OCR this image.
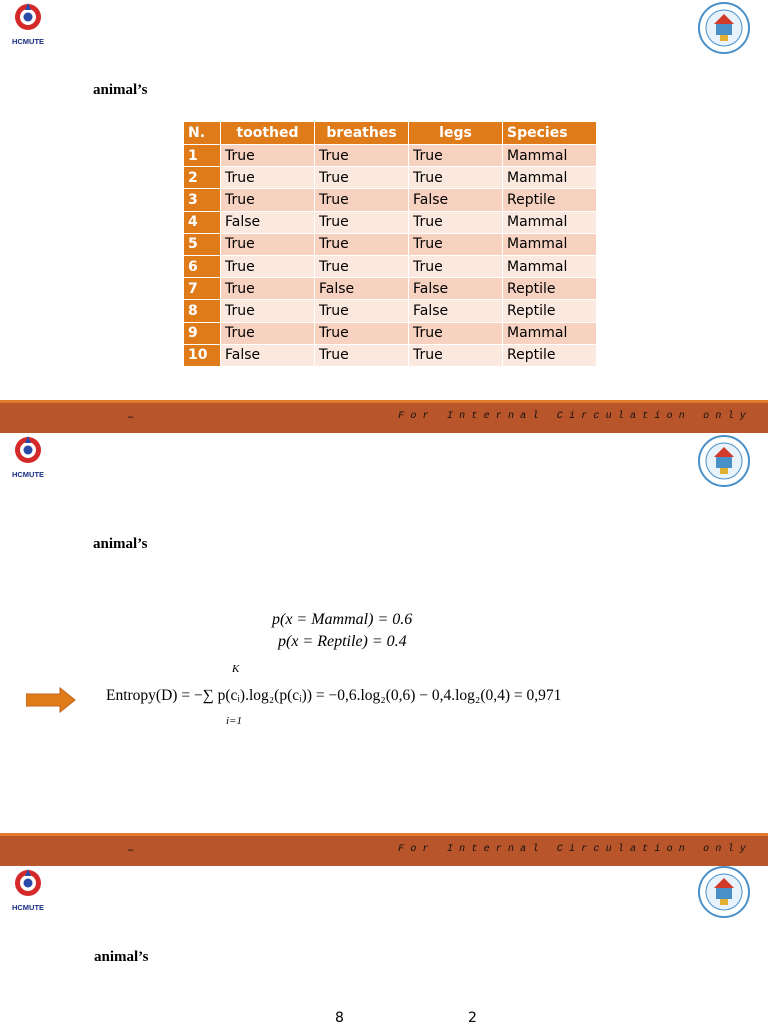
HCMUTE
animal’s
N.	toothed	breathes	legs	Species
1	True	True	True	Mammal
2	True	True	True	Mammal
3	True	True	False	Reptile
4	False	True	True	Mammal
5	True	True	True	Mammal
6	True	True	True	Mammal
7	True	False	False	Reptile
8	True	True	False	Reptile
9	True	True	True	Mammal
10	False	True	True	Reptile
–	For Internal Circulation only
HCMUTE
animal’s
p(x = Mammal) = 0.6
p(x = Reptile) = 0.4
K
Entropy(D) = −∑ p(cᵢ).log₂(p(cᵢ)) = −0,6.log₂(0,6) − 0,4.log₂(0,4) = 0,971
i=1
–	For Internal Circulation only
HCMUTE
animal’s
8	2
